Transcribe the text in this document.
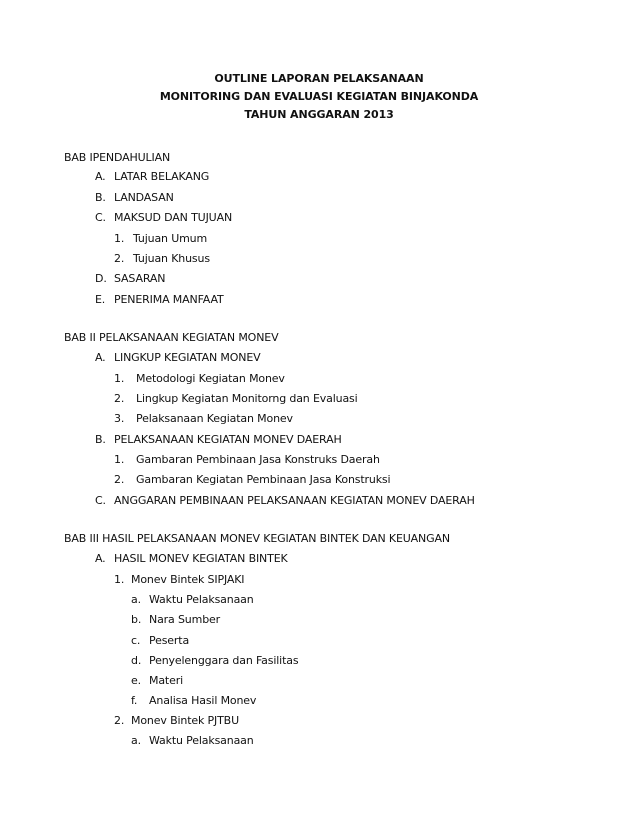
OUTLINE LAPORAN PELAKSANAAN
MONITORING DAN EVALUASI KEGIATAN BINJAKONDA
TAHUN ANGGARAN 2013
BAB IPENDAHULIAN
A. LATAR BELAKANG
B. LANDASAN
C. MAKSUD DAN TUJUAN
1. Tujuan Umum
2. Tujuan Khusus
D. SASARAN
E. PENERIMA MANFAAT
BAB II PELAKSANAAN KEGIATAN MONEV
A. LINGKUP KEGIATAN MONEV
1. Metodologi Kegiatan Monev
2. Lingkup Kegiatan Monitorng dan Evaluasi
3. Pelaksanaan Kegiatan Monev
B. PELAKSANAAN KEGIATAN MONEV DAERAH
1. Gambaran Pembinaan Jasa Konstruks Daerah
2. Gambaran Kegiatan Pembinaan Jasa Konstruksi
C. ANGGARAN PEMBINAAN PELAKSANAAN KEGIATAN MONEV DAERAH
BAB III HASIL PELAKSANAAN MONEV KEGIATAN BINTEK DAN KEUANGAN
A. HASIL MONEV KEGIATAN BINTEK
1. Monev Bintek SIPJAKI
a. Waktu Pelaksanaan
b. Nara Sumber
c. Peserta
d. Penyelenggara dan Fasilitas
e. Materi
f. Analisa Hasil Monev
2. Monev Bintek PJTBU
a. Waktu Pelaksanaan
